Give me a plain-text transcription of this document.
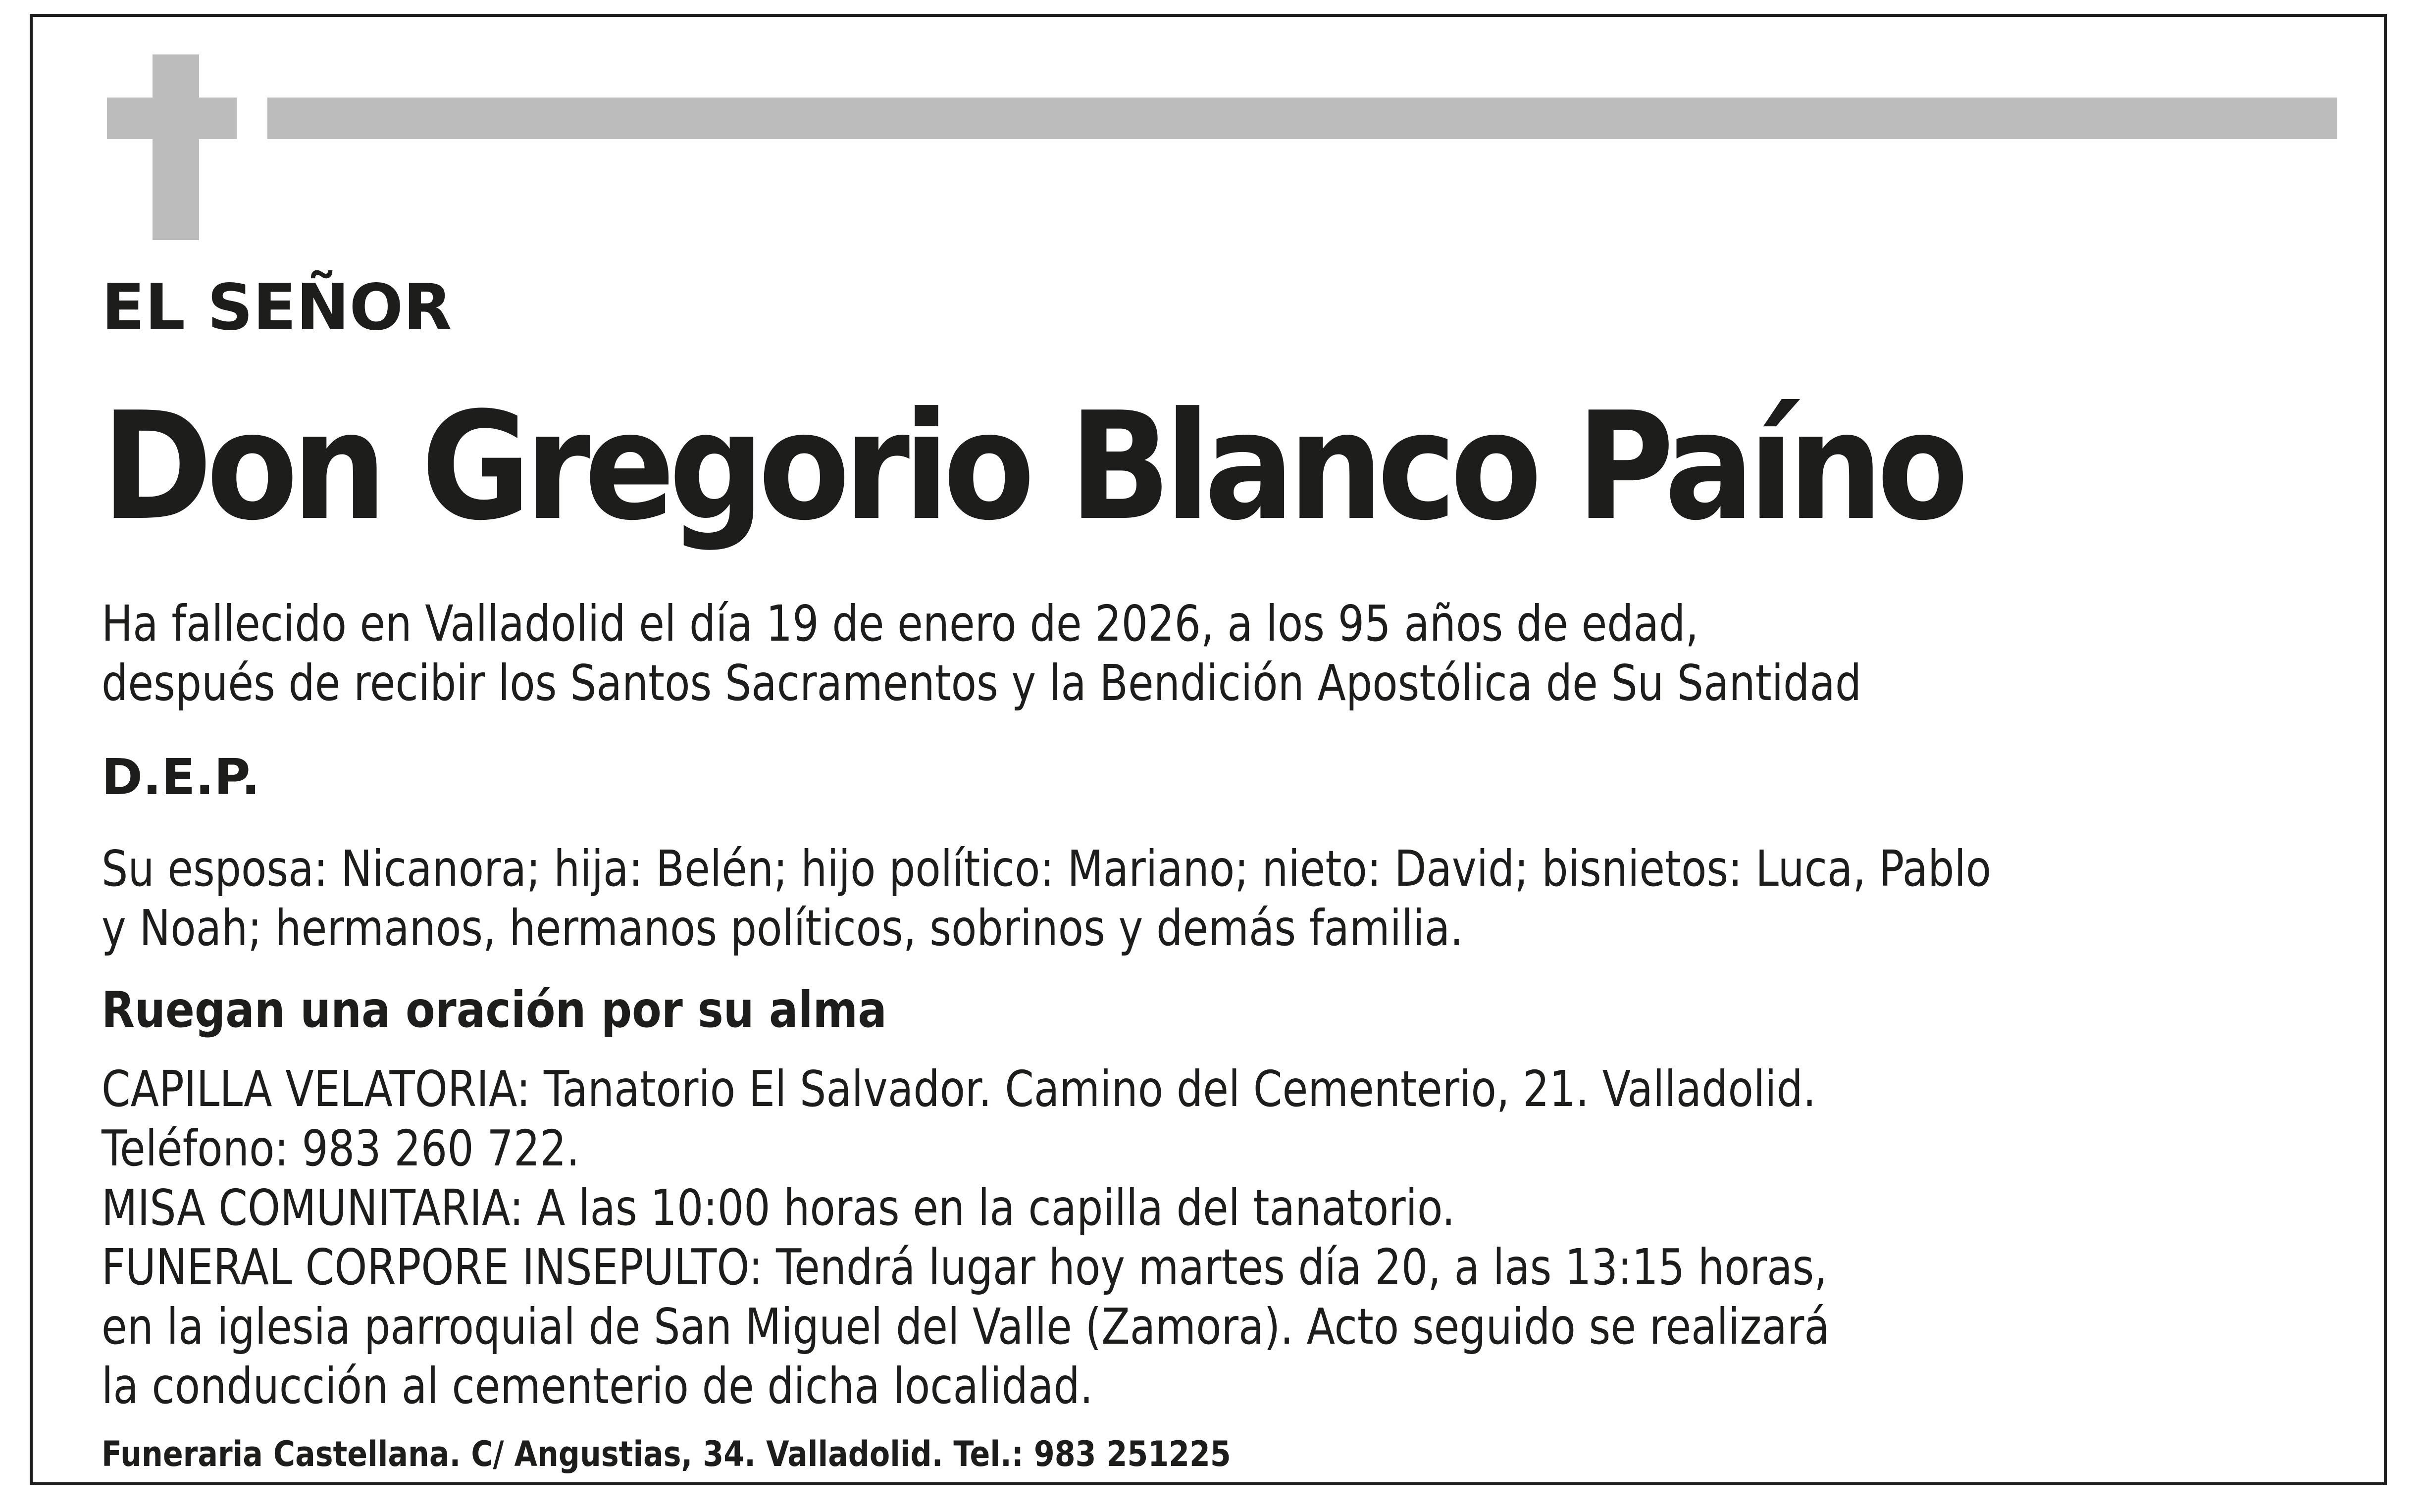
EL SEÑOR

Don Gregorio Blanco Paíno

Ha fallecido en Valladolid el día 19 de enero de 2026, a los 95 años de edad,
después de recibir los Santos Sacramentos y la Bendición Apostólica de Su Santidad

D.E.P.

Su esposa: Nicanora; hija: Belén; hijo político: Mariano; nieto: David; bisnietos: Luca, Pablo
y Noah; hermanos, hermanos políticos, sobrinos y demás familia.

Ruegan una oración por su alma

CAPILLA VELATORIA: Tanatorio El Salvador. Camino del Cementerio, 21. Valladolid.
Teléfono: 983 260 722.
MISA COMUNITARIA: A las 10:00 horas en la capilla del tanatorio.
FUNERAL CORPORE INSEPULTO: Tendrá lugar hoy martes día 20, a las 13:15 horas,
en la iglesia parroquial de San Miguel del Valle (Zamora). Acto seguido se realizará
la conducción al cementerio de dicha localidad.

Funeraria Castellana. C/ Angustias, 34. Valladolid. Tel.: 983 251225
